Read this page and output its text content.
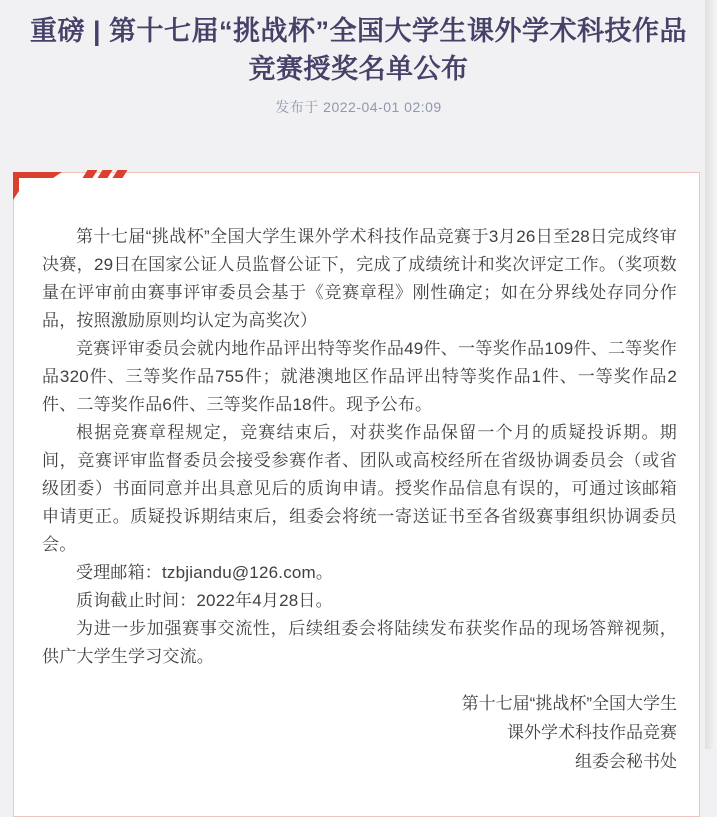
重磅 | 第十七届“挑战杯”全国大学生课外学术科技作品
竞赛授奖名单公布
发布于 2022-04-01 02:09

第十七届“挑战杯”全国大学生课外学术科技作品竞赛于3月26日至28日完成终审决赛，29日在国家公证人员监督公证下，完成了成绩统计和奖次评定工作。（奖项数量在评审前由赛事评审委员会基于《竞赛章程》刚性确定；如在分界线处存同分作品，按照激励原则均认定为高奖次）

竞赛评审委员会就内地作品评出特等奖作品49件、一等奖作品109件、二等奖作品320件、三等奖作品755件；就港澳地区作品评出特等奖作品1件、一等奖作品2件、二等奖作品6件、三等奖作品18件。现予公布。

根据竞赛章程规定，竞赛结束后，对获奖作品保留一个月的质疑投诉期。期间，竞赛评审监督委员会接受参赛作者、团队或高校经所在省级协调委员会（或省级团委）书面同意并出具意见后的质询申请。授奖作品信息有误的，可通过该邮箱申请更正。质疑投诉期结束后，组委会将统一寄送证书至各省级赛事组织协调委员会。

受理邮箱：tzbjiandu@126.com。

质询截止时间：2022年4月28日。

为进一步加强赛事交流性，后续组委会将陆续发布获奖作品的现场答辩视频，供广大学生学习交流。

第十七届“挑战杯”全国大学生

课外学术科技作品竞赛

组委会秘书处
